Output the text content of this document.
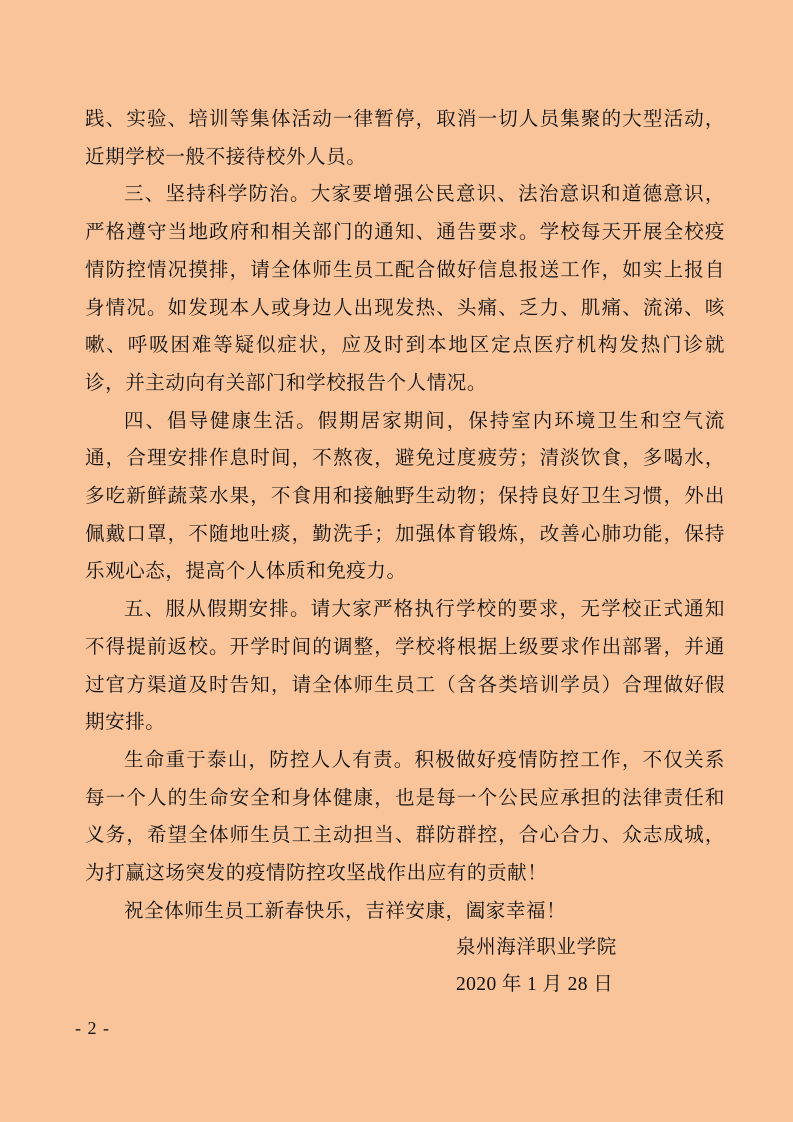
践、实验、培训等集体活动一律暂停，取消一切人员集聚的大型活动，近期学校一般不接待校外人员。

三、坚持科学防治。大家要增强公民意识、法治意识和道德意识，严格遵守当地政府和相关部门的通知、通告要求。学校每天开展全校疫情防控情况摸排，请全体师生员工配合做好信息报送工作，如实上报自身情况。如发现本人或身边人出现发热、头痛、乏力、肌痛、流涕、咳嗽、呼吸困难等疑似症状，应及时到本地区定点医疗机构发热门诊就诊，并主动向有关部门和学校报告个人情况。

四、倡导健康生活。假期居家期间，保持室内环境卫生和空气流通，合理安排作息时间，不熬夜，避免过度疲劳；清淡饮食，多喝水，多吃新鲜蔬菜水果，不食用和接触野生动物；保持良好卫生习惯，外出佩戴口罩，不随地吐痰，勤洗手；加强体育锻炼，改善心肺功能，保持乐观心态，提高个人体质和免疫力。

五、服从假期安排。请大家严格执行学校的要求，无学校正式通知不得提前返校。开学时间的调整，学校将根据上级要求作出部署，并通过官方渠道及时告知，请全体师生员工（含各类培训学员）合理做好假期安排。

生命重于泰山，防控人人有责。积极做好疫情防控工作，不仅关系每一个人的生命安全和身体健康，也是每一个公民应承担的法律责任和义务，希望全体师生员工主动担当、群防群控，合心合力、众志成城，为打赢这场突发的疫情防控攻坚战作出应有的贡献！

祝全体师生员工新春快乐，吉祥安康，阖家幸福！

泉州海洋职业学院
2020 年 1 月 28 日
- 2 -
